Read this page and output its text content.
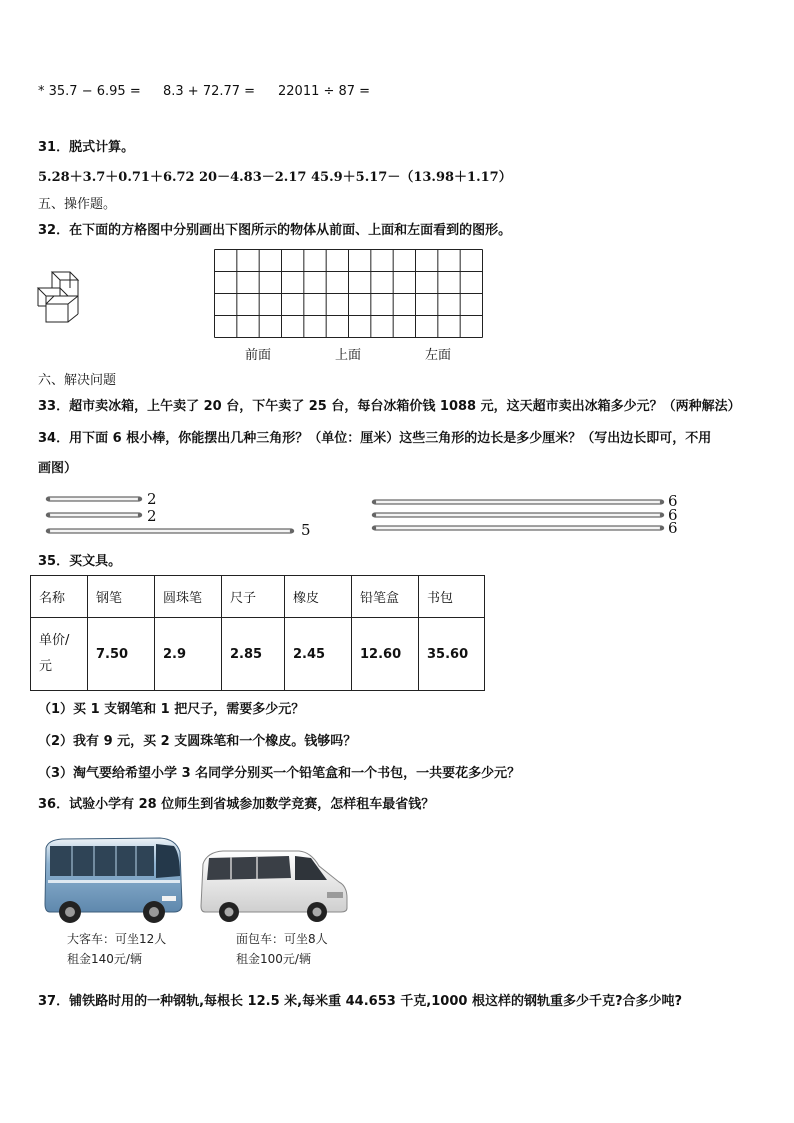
* 35.7 − 6.95 = 8.3 + 72.77 = 22011 ÷ 87 =
31．脱式计算。
5.28＋3.7＋0.71＋6.72 20－4.83－2.17 45.9＋5.17－（13.98＋1.17）
五、操作题。
32．在下面的方格图中分别画出下图所示的物体从前面、上面和左面看到的图形。
前面	上面	左面
六、解决问题
33．超市卖冰箱，上午卖了 20 台，下午卖了 25 台，每台冰箱价钱 1088 元，这天超市卖出冰箱多少元？（两种解法）
34．用下面 6 根小棒，你能摆出几种三角形？（单位：厘米）这些三角形的边长是多少厘米？（写出边长即可，不用
画图）
2
2
5
6
6
6
35．买文具。
名称	钢笔	圆珠笔	尺子	橡皮	铅笔盒	书包

单价/
元	7.50	2.9	2.85	2.45	12.60	35.60
（1）买 1 支钢笔和 1 把尺子，需要多少元？
（2）我有 9 元，买 2 支圆珠笔和一个橡皮。钱够吗？
（3）淘气要给希望小学 3 名同学分别买一个铅笔盒和一个书包，一共要花多少元？
36．试验小学有 28 位师生到省城参加数学竞赛，怎样租车最省钱？
大客车：可坐12人
租金140元/辆
面包车：可坐8人
租金100元/辆
37．铺铁路时用的一种钢轨,每根长 12.5 米,每米重 44.653 千克,1000 根这样的钢轨重多少千克?合多少吨?
